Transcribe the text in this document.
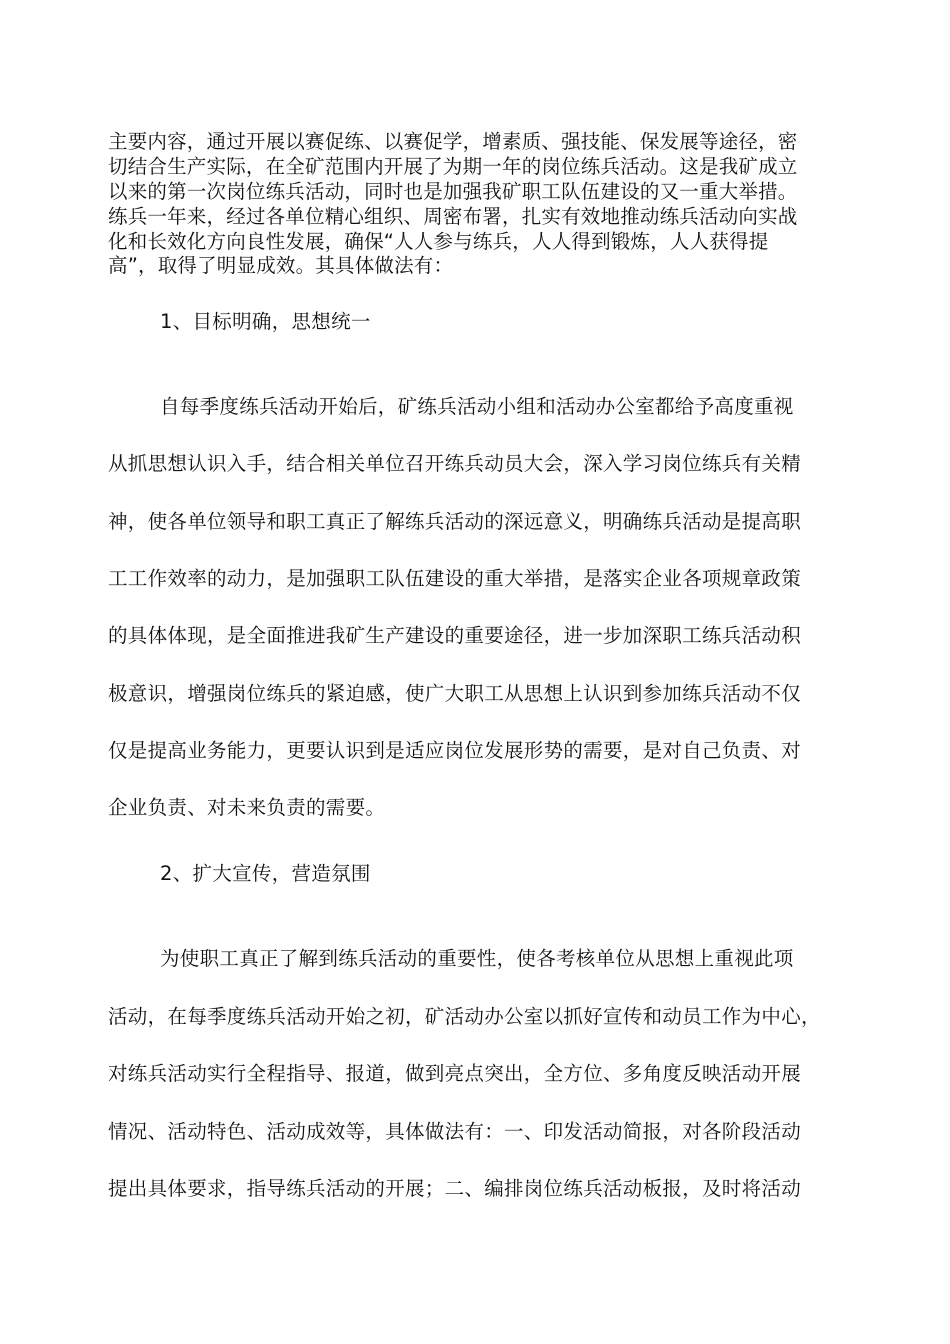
主要内容，通过开展以赛促练、以赛促学，增素质、强技能、保发展等途径，密
切结合生产实际，在全矿范围内开展了为期一年的岗位练兵活动。这是我矿成立
以来的第一次岗位练兵活动，同时也是加强我矿职工队伍建设的又一重大举措。
练兵一年来，经过各单位精心组织、周密布署，扎实有效地推动练兵活动向实战
化和长效化方向良性发展，确保“人人参与练兵，人人得到锻炼，人人获得提
高”，取得了明显成效。其具体做法有：
1、目标明确，思想统一
自每季度练兵活动开始后，矿练兵活动小组和活动办公室都给予高度重视
从抓思想认识入手，结合相关单位召开练兵动员大会，深入学习岗位练兵有关精
神，使各单位领导和职工真正了解练兵活动的深远意义，明确练兵活动是提高职
工工作效率的动力，是加强职工队伍建设的重大举措，是落实企业各项规章政策
的具体体现，是全面推进我矿生产建设的重要途径，进一步加深职工练兵活动积
极意识，增强岗位练兵的紧迫感，使广大职工从思想上认识到参加练兵活动不仅
仅是提高业务能力，更要认识到是适应岗位发展形势的需要，是对自己负责、对
企业负责、对未来负责的需要。
2、扩大宣传，营造氛围
为使职工真正了解到练兵活动的重要性，使各考核单位从思想上重视此项
活动，在每季度练兵活动开始之初，矿活动办公室以抓好宣传和动员工作为中心，
对练兵活动实行全程指导、报道，做到亮点突出，全方位、多角度反映活动开展
情况、活动特色、活动成效等，具体做法有：一、印发活动简报，对各阶段活动
提出具体要求，指导练兵活动的开展；二、编排岗位练兵活动板报，及时将活动
